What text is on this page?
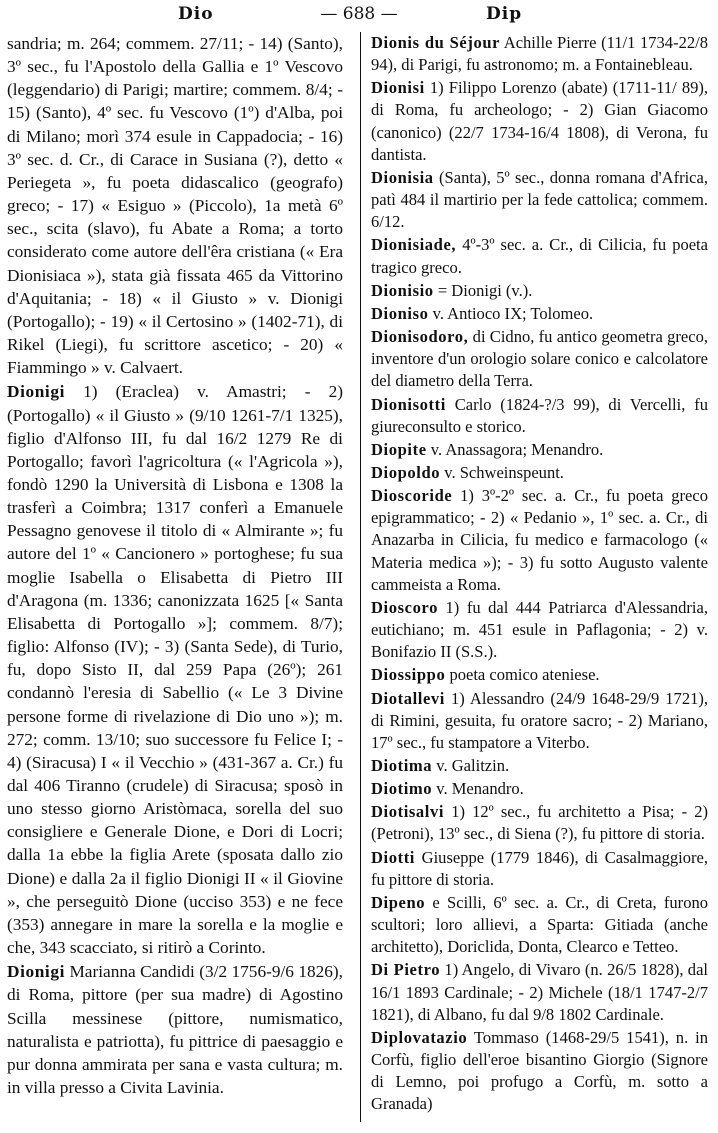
Dio	— 688 —	Dip

sandria; m. 264; commem. 27/11; - 14) (Santo), 3º sec., fu l'Apostolo della Gallia e 1º Vescovo (leggendario) di Parigi; martire; commem. 8/4; - 15) (Santo), 4º sec. fu Vescovo (1º) d'Alba, poi di Milano; morì 374 esule in Cappadocia; - 16) 3º sec. d. Cr., di Carace in Susiana (?), detto « Periegeta », fu poeta didascalico (geografo) greco; - 17) « Esiguo » (Piccolo), 1a metà 6º sec., scita (slavo), fu Abate a Roma; a torto considerato come autore dell'êra cristiana (« Era Dionisiaca »), stata già fissata 465 da Vittorino d'Aquitania; - 18) « il Giusto » v. Dionigi (Portogallo); - 19) « il Certosino » (1402-71), di Rikel (Liegi), fu scrittore ascetico; - 20) « Fiammingo » v. Calvaert.

Dionigi 1) (Eraclea) v. Amastri; - 2) (Portogallo) « il Giusto » (9/10 1261-7/1 1325), figlio d'Alfonso III, fu dal 16/2 1279 Re di Portogallo; favorì l'agricoltura (« l'Agricola »), fondò 1290 la Università di Lisbona e 1308 la trasferì a Coimbra; 1317 conferì a Emanuele Pessagno genovese il titolo di « Almirante »; fu autore del 1º « Cancionero » portoghese; fu sua moglie Isabella o Elisabetta di Pietro III d'Aragona (m. 1336; canonizzata 1625 [« Santa Elisabetta di Portogallo »]; commem. 8/7); figlio: Alfonso (IV); - 3) (Santa Sede), di Turio, fu, dopo Sisto II, dal 259 Papa (26º); 261 condannò l'eresia di Sabellio (« Le 3 Divine persone forme di rivelazione di Dio uno »); m. 272; comm. 13/10; suo successore fu Felice I; - 4) (Siracusa) I « il Vecchio » (431-367 a. Cr.) fu dal 406 Tiranno (crudele) di Siracusa; sposò in uno stesso giorno Aristòmaca, sorella del suo consigliere e Generale Dione, e Dori di Locri; dalla 1a ebbe la figlia Arete (sposata dallo zio Dione) e dalla 2a il figlio Dionigi II « il Giovine », che perseguitò Dione (ucciso 353) e ne fece (353) annegare in mare la sorella e la moglie e che, 343 scacciato, si ritirò a Corinto.

Dionigi Marianna Candidi (3/2 1756-9/6 1826), di Roma, pittore (per sua madre) di Agostino Scilla messinese (pittore, numismatico, naturalista e patriotta), fu pittrice di paesaggio e pur donna ammirata per sana e vasta cultura; m. in villa presso a Civita Lavinia.

Dionis du Séjour Achille Pierre (11/1 1734-22/8 94), di Parigi, fu astronomo; m. a Fontainebleau.

Dionisi 1) Filippo Lorenzo (abate) (1711-11/ 89), di Roma, fu archeologo; - 2) Gian Giacomo (canonico) (22/7 1734-16/4 1808), di Verona, fu dantista.

Dionisia (Santa), 5º sec., donna romana d'Africa, patì 484 il martirio per la fede cattolica; commem. 6/12.

Dionisiade, 4º-3º sec. a. Cr., di Cilicia, fu poeta tragico greco.

Dionisio = Dionigi (v.).

Dioniso v. Antioco IX; Tolomeo.

Dionisodoro, di Cidno, fu antico geometra greco, inventore d'un orologio solare conico e calcolatore del diametro della Terra.

Dionisotti Carlo (1824-?/3 99), di Vercelli, fu giureconsulto e storico.

Diopite v. Anassagora; Menandro.

Diopoldo v. Schweinspeunt.

Dioscoride 1) 3º-2º sec. a. Cr., fu poeta greco epigrammatico; - 2) « Pedanio », 1º sec. a. Cr., di Anazarba in Cilicia, fu medico e farmacologo (« Materia medica »); - 3) fu sotto Augusto valente cammeista a Roma.

Dioscoro 1) fu dal 444 Patriarca d'Alessandria, eutichiano; m. 451 esule in Paflagonia; - 2) v. Bonifazio II (S.S.).

Diossippo poeta comico ateniese.

Diotallevi 1) Alessandro (24/9 1648-29/9 1721), di Rimini, gesuita, fu oratore sacro; - 2) Mariano, 17º sec., fu stampatore a Viterbo.

Diotima v. Galitzin.

Diotimo v. Menandro.

Diotisalvi 1) 12º sec., fu architetto a Pisa; - 2) (Petroni), 13º sec., di Siena (?), fu pittore di storia.

Diotti Giuseppe (1779 1846), di Casalmaggiore, fu pittore di storia.

Dipeno e Scilli, 6º sec. a. Cr., di Creta, furono scultori; loro allievi, a Sparta: Gitiada (anche architetto), Doriclida, Donta, Clearco e Tetteo.

Di Pietro 1) Angelo, di Vivaro (n. 26/5 1828), dal 16/1 1893 Cardinale; - 2) Michele (18/1 1747-2/7 1821), di Albano, fu dal 9/8 1802 Cardinale.

Diplovatazio Tommaso (1468-29/5 1541), n. in Corfù, figlio dell'eroe bisantino Giorgio (Signore di Lemno, poi profugo a Corfù, m. sotto a Granada)
